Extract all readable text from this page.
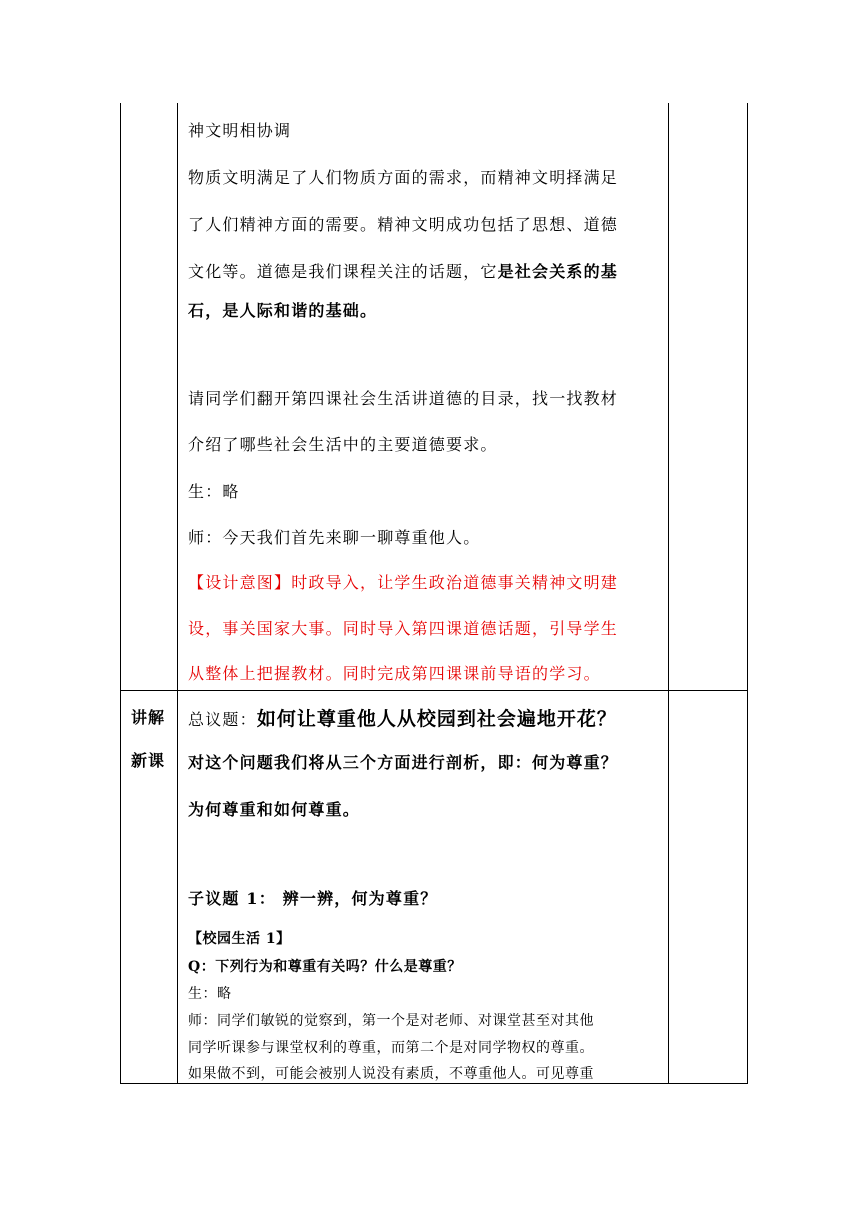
神文明相协调
物质文明满足了人们物质方面的需求，而精神文明择满足
了人们精神方面的需要。精神文明成功包括了思想、道德
文化等。道德是我们课程关注的话题，它是社会关系的基
石，是人际和谐的基础。
请同学们翻开第四课社会生活讲道德的目录，找一找教材
介绍了哪些社会生活中的主要道德要求。
生：略
师：今天我们首先来聊一聊尊重他人。
【设计意图】时政导入，让学生政治道德事关精神文明建
设，事关国家大事。同时导入第四课道德话题，引导学生
从整体上把握教材。同时完成第四课课前导语的学习。
讲解
新课
总议题：如何让尊重他人从校园到社会遍地开花？
对这个问题我们将从三个方面进行剖析，即：何为尊重？
为何尊重和如何尊重。
子议题 1： 辨一辨，何为尊重？
【校园生活 1】
Q：下列行为和尊重有关吗？什么是尊重？
生：略
师：同学们敏锐的觉察到，第一个是对老师、对课堂甚至对其他
同学听课参与课堂权利的尊重，而第二个是对同学物权的尊重。
如果做不到，可能会被别人说没有素质，不尊重他人。可见尊重
